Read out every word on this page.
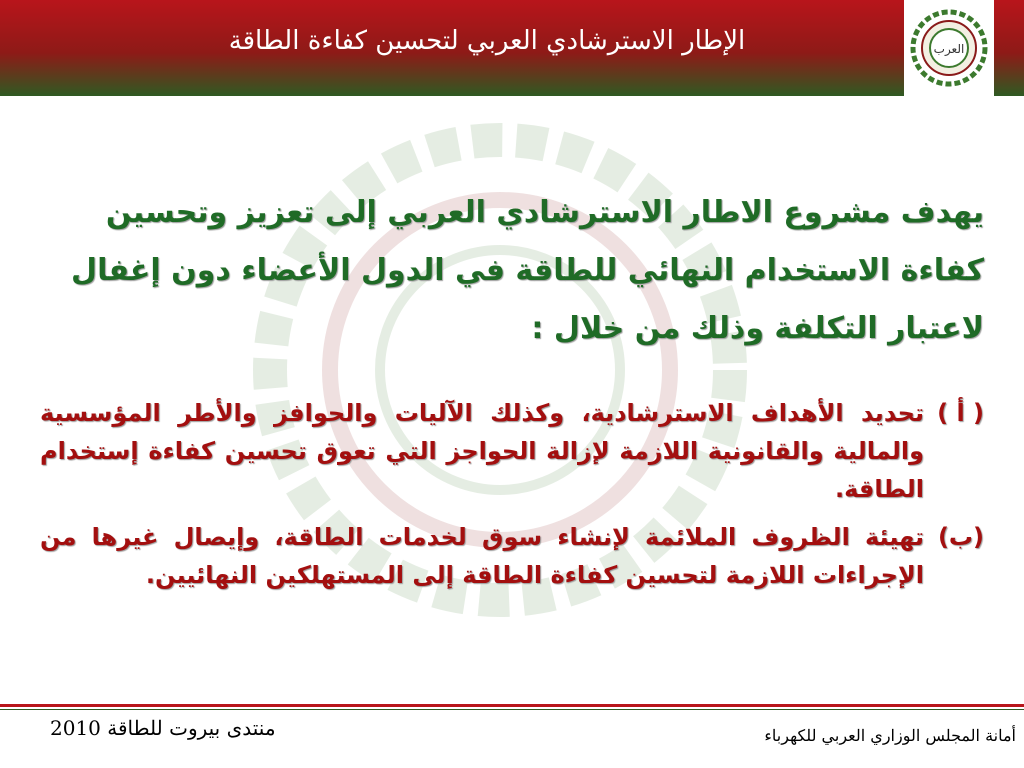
الإطار الاسترشادي العربي لتحسين كفاءة الطاقة	العرب
يهدف مشروع الاطار الاسترشادي العربي إلى تعزيز وتحسين كفاءة الاستخدام النهائي للطاقة في الدول الأعضاء دون إغفال لاعتبار التكلفة وذلك من خلال :
( أ )
تحديد الأهداف الاسترشادية، وكذلك الآليات والحوافز والأطر المؤسسية والمالية والقانونية اللازمة لإزالة الحواجز التي تعوق تحسين كفاءة إستخدام الطاقة.
(ب)
تهيئة الظروف الملائمة لإنشاء سوق لخدمات الطاقة، وإيصال غيرها من الإجراءات اللازمة لتحسين كفاءة الطاقة إلى المستهلكين النهائيين.
منتدى بيروت للطاقة 2010	أمانة المجلس الوزاري العربي للكهرباء
